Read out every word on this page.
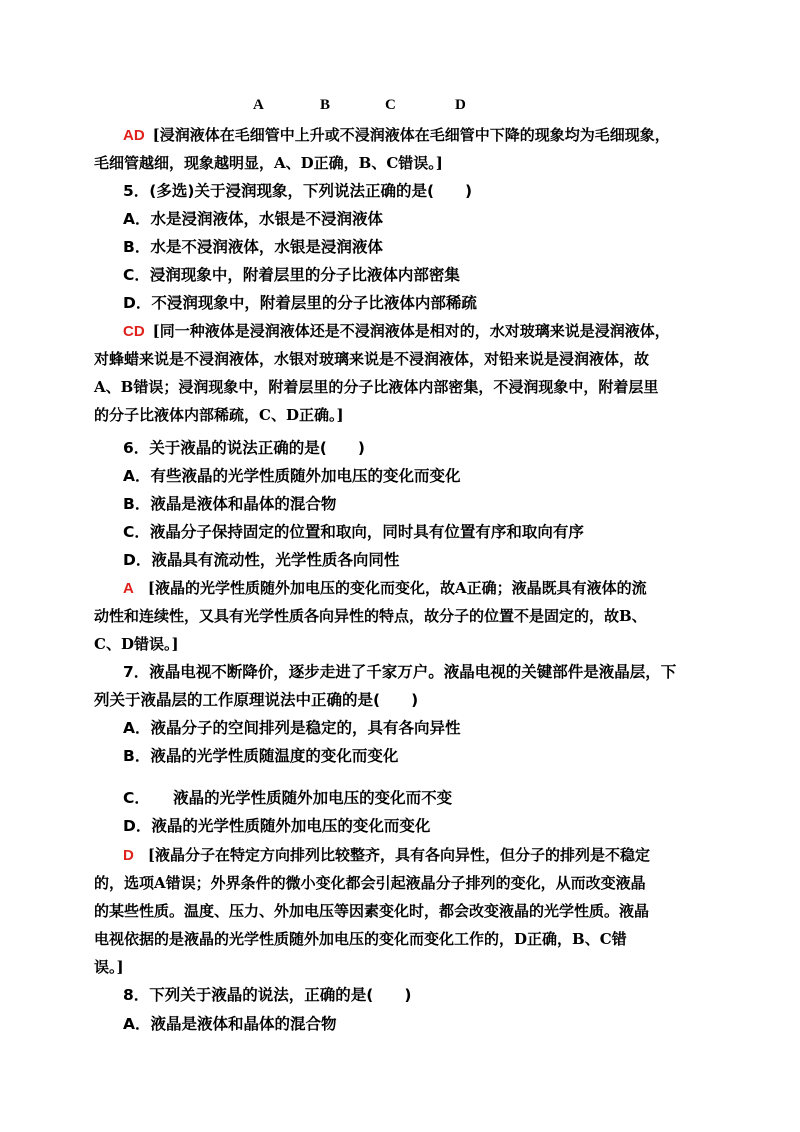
A	B	C	D
AD [浸润液体在毛细管中上升或不浸润液体在毛细管中下降的现象均为毛细现象，
毛细管越细，现象越明显，A、D正确，B、C错误。]
5．(多选)关于浸润现象，下列说法正确的是(　　)
A．水是浸润液体，水银是不浸润液体
B．水是不浸润液体，水银是浸润液体
C．浸润现象中，附着层里的分子比液体内部密集
D．不浸润现象中，附着层里的分子比液体内部稀疏
CD [同一种液体是浸润液体还是不浸润液体是相对的，水对玻璃来说是浸润液体，
对蜂蜡来说是不浸润液体，水银对玻璃来说是不浸润液体，对铅来说是浸润液体，故
A、B错误；浸润现象中，附着层里的分子比液体内部密集，不浸润现象中，附着层里
的分子比液体内部稀疏，C、D正确。]
6．关于液晶的说法正确的是(　　)
A．有些液晶的光学性质随外加电压的变化而变化
B．液晶是液体和晶体的混合物
C．液晶分子保持固定的位置和取向，同时具有位置有序和取向有序
D．液晶具有流动性，光学性质各向同性
A [液晶的光学性质随外加电压的变化而变化，故A正确；液晶既具有液体的流
动性和连续性，又具有光学性质各向异性的特点，故分子的位置不是固定的，故B、
C、D错误。]
7．液晶电视不断降价，逐步走进了千家万户。液晶电视的关键部件是液晶层，下
列关于液晶层的工作原理说法中正确的是(　　)
A．液晶分子的空间排列是稳定的，具有各向异性
B．液晶的光学性质随温度的变化而变化
C．　　液晶的光学性质随外加电压的变化而不变
D．液晶的光学性质随外加电压的变化而变化
D [液晶分子在特定方向排列比较整齐，具有各向异性，但分子的排列是不稳定
的，选项A错误；外界条件的微小变化都会引起液晶分子排列的变化，从而改变液晶
的某些性质。温度、压力、外加电压等因素变化时，都会改变液晶的光学性质。液晶
电视依据的是液晶的光学性质随外加电压的变化而变化工作的，D正确，B、C错
误。]
8．下列关于液晶的说法，正确的是(　　)
A．液晶是液体和晶体的混合物
